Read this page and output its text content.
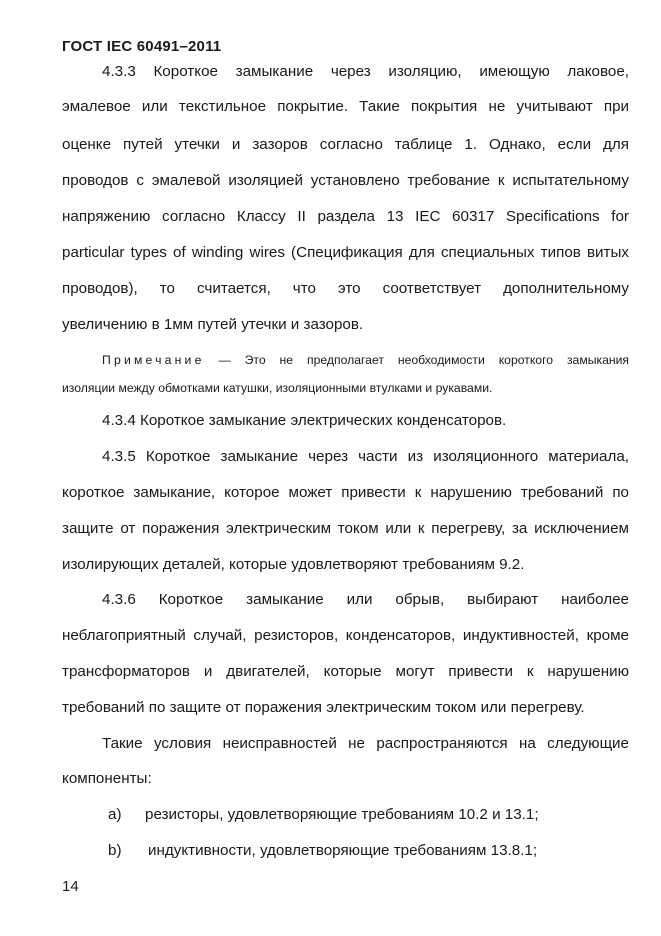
ГОСТ IEC 60491–2011
4.3.3 Короткое замыкание через изоляцию, имеющую лаковое,
эмалевое или текстильное покрытие. Такие покрытия не учитывают при
оценке путей утечки и зазоров согласно таблице 1. Однако, если для
проводов с эмалевой изоляцией установлено требование к испытательному
напряжению согласно Классу II раздела 13 IEC 60317 Specifications for
particular types of winding wires (Спецификация для специальных типов витых
проводов), то считается, что это соответствует дополнительному
увеличению в 1мм путей утечки и зазоров.
Примечание — Это не предполагает необходимости короткого замыкания
изоляции между обмотками катушки, изоляционными втулками и рукавами.
4.3.4 Короткое замыкание электрических конденсаторов.
4.3.5 Короткое замыкание через части из изоляционного материала,
короткое замыкание, которое может привести к нарушению требований по
защите от поражения электрическим током или к перегреву, за исключением
изолирующих деталей, которые удовлетворяют требованиям 9.2.
4.3.6 Короткое замыкание или обрыв, выбирают наиболее
неблагоприятный случай, резисторов, конденсаторов, индуктивностей, кроме
трансформаторов и двигателей, которые могут привести к нарушению
требований по защите от поражения электрическим током или перегреву.
Такие условия неисправностей не распространяются на следующие
компоненты:
a) резисторы, удовлетворяющие требованиям 10.2 и 13.1;
b) индуктивности, удовлетворяющие требованиям 13.8.1;
14
